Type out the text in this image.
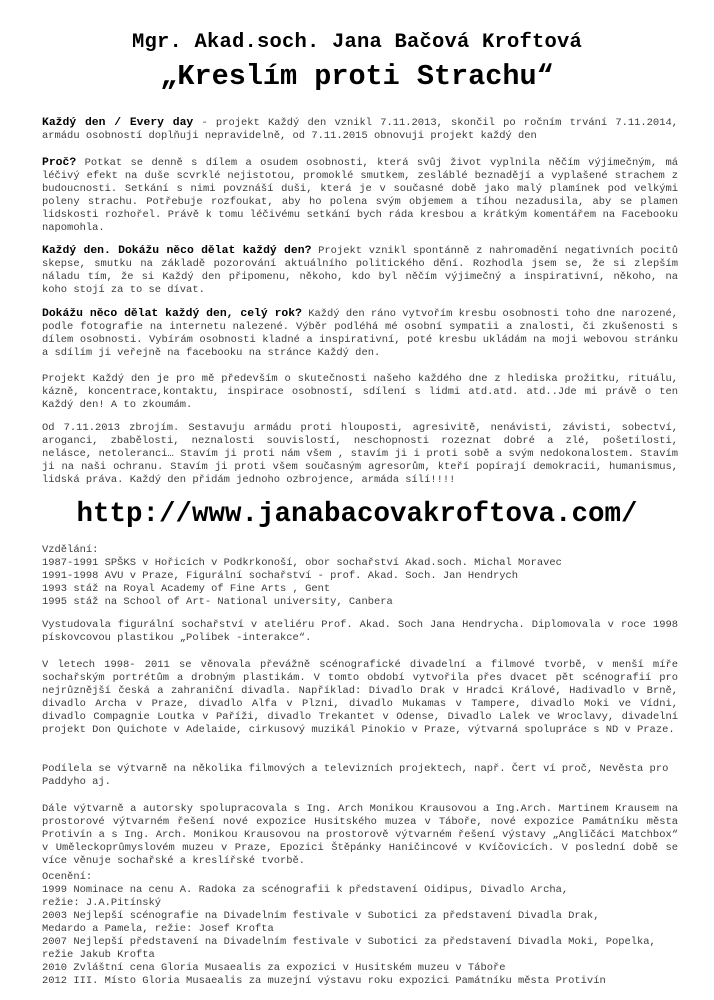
Mgr. Akad.soch. Jana Bačová Kroftová
„Kreslím proti Strachu“
Každý den / Every day - projekt Každý den vznikl 7.11.2013, skončil po ročním trvání 7.11.2014, armádu osobností doplňuji nepravidelně, od 7.11.2015 obnovuji projekt každý den
Proč? Potkat se denně s dílem a osudem osobnosti, která svůj život vyplnila něčím výjimečným, má léčivý efekt na duše scvrklé nejistotou, promoklé smutkem, zesláblé beznadějí a vyplašené strachem z budoucnosti. Setkání s nimi povznáší duši, která je v současné době jako malý plamínek pod velkými poleny strachu. Potřebuje rozfoukat, aby ho polena svým objemem a tíhou nezadusila, aby se plamen lidskosti rozhořel. Právě k tomu léčivému setkání bych ráda kresbou a krátkým komentářem na Facebooku napomohla.
Každý den. Dokážu něco dělat každý den? Projekt vznikl spontánně z nahromadění negativních pocitů skepse, smutku na základě pozorování aktuálního politického dění. Rozhodla jsem se, že si zlepším náladu tím, že si Každý den připomenu, někoho, kdo byl něčím výjimečný a inspirativní, někoho, na koho stojí za to se dívat.
Dokážu něco dělat každý den, celý rok? Každý den ráno vytvořím kresbu osobnosti toho dne narozené, podle fotografie na internetu nalezené. Výběr podléhá mé osobní sympatii a znalosti, či zkušenosti s dílem osobnosti. Vybírám osobnosti kladné a inspirativní, poté kresbu ukládám na moji webovou stránku a sdílím ji veřejně na facebooku na stránce Každý den.
Projekt Každý den je pro mě především o skutečnosti našeho každého dne z hlediska prožitku, rituálu, kázně, koncentrace,kontaktu, inspirace osobností, sdílení s lidmi atd.atd. atd..Jde mi právě o ten Každý den! A to zkoumám.
Od 7.11.2013 zbrojím. Sestavuju armádu proti hlouposti, agresivitě, nenávisti, závisti, sobectví, aroganci, zbabělosti, neznalosti souvislostí, neschopnosti rozeznat dobré a zlé, pošetilosti, nelásce, netoleranci… Stavím ji proti nám všem , stavím ji i proti sobě a svým nedokonalostem. Stavím ji na naši ochranu. Stavím ji proti všem současným agresorům, kteří popírají demokracii, humanismus, lidská práva. Každý den přidám jednoho ozbrojence, armáda sílí!!!!
http://www.janabacovakroftova.com/
Vzdělání:
1987-1991 SPŠKS v Hořicích v Podkrkonoší, obor sochařství Akad.soch. Michal Moravec
1991-1998 AVU v Praze, Figurální sochařství - prof. Akad. Soch. Jan Hendrych
1993 stáž na Royal Academy of Fine Arts , Gent
1995 stáž na School of Art- National university, Canbera
Vystudovala figurální sochařství v ateliéru Prof. Akad. Soch Jana Hendrycha. Diplomovala v roce 1998 pískovcovou plastikou „Polibek -interakce“.
V letech 1998- 2011 se věnovala převážně scénografické divadelní a filmové tvorbě, v menší míře sochařským portrétům a drobným plastikám. V tomto období vytvořila přes dvacet pět scénografií pro nejrůznější česká a zahraniční divadla. Například: Divadlo Drak v Hradci Králové, Hadivadlo v Brně, divadlo Archa v Praze, divadlo Alfa v Plzni, divadlo Mukamas v Tampere, divadlo Moki ve Vídni, divadlo Compagnie Loutka v Paříži, divadlo Trekantet v Odense, Divadlo Lalek ve Wroclavy, divadelní projekt Don Quichote v Adelaide, cirkusový muzikál Pinokio v Praze, výtvarná spolupráce s ND v Praze.
Podílela se výtvarně na několika filmových a televizních projektech, např. Čert ví proč, Nevěsta pro Paddyho aj.
Dále výtvarně a autorsky spolupracovala s Ing. Arch Monikou Krausovou a Ing.Arch. Martinem Krausem na prostorové výtvarném řešení nové expozice Husitského muzea v Táboře, nové expozice Památníku města Protivín a s Ing. Arch. Monikou Krausovou na prostorově výtvarném řešení výstavy „Angličáci Matchbox“ v Uměleckoprůmyslovém muzeu v Praze, Epozici Štěpánky Haničincové v Kvíčovicích. V poslední době se více věnuje sochařské a kreslířské tvorbě.
Ocenění:
1999 Nominace na cenu A. Radoka za scénografii k představení Oidipus, Divadlo Archa,
režie: J.A.Pitínský
2003 Nejlepší scénografie na Divadelním festivale v Subotici za představení Divadla Drak,
Medardo a Pamela, režie: Josef Krofta
2007 Nejlepší představení na Divadelním festivale v Subotici za představení Divadla Moki, Popelka,
režie Jakub Krofta
2010 Zvláštní cena Gloria Musaealis za expozici v Husitském muzeu v Táboře
2012 III. Místo Gloria Musaealis za muzejní výstavu roku expozici Památníku města Protivín
